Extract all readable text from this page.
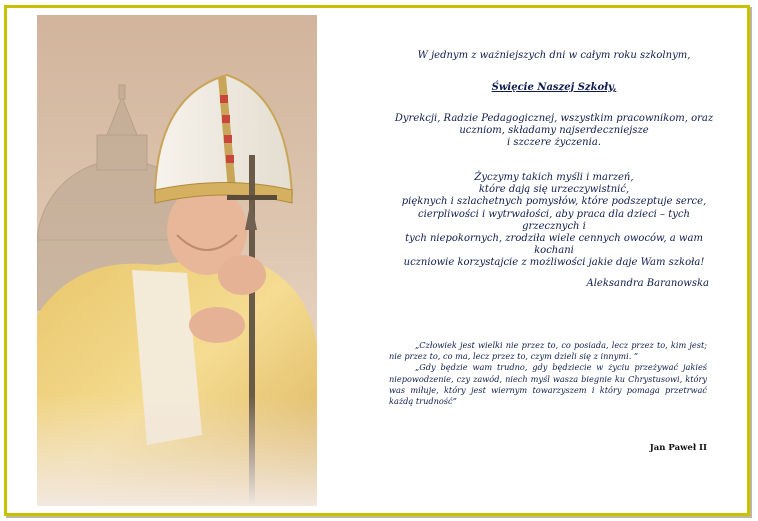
W jednym z ważniejszych dni w całym roku szkolnym,

Święcie Naszej Szkoły,

Dyrekcji, Radzie Pedagogicznej, wszystkim pracownikom, oraz

uczniom, składamy najserdeczniejsze

i szczere życzenia.

Życzymy takich myśli i marzeń,

które dają się urzeczywistnić,

pięknych i szlachetnych pomysłów, które podszeptuje serce,

cierpliwości i wytrwałości, aby praca dla dzieci – tych grzecznych i

tych niepokornych, zrodziła wiele cennych owoców, a wam kochani

uczniowie korzystajcie z możliwości jakie daje Wam szkoła!

Aleksandra Baranowska

„Człowiek jest wielki nie przez to, co posiada, lecz przez to, kim jest; nie przez to, co ma, lecz przez to, czym dzieli się z innymi. ”

„Gdy będzie wam trudno, gdy będziecie w życiu przeżywać jakieś niepowodzenie, czy zawód, niech myśl wasza biegnie ku Chrystusowi, który was miłuje, który jest wiernym towarzyszem i który pomaga przetrwać każdą trudność”

Jan Paweł II
